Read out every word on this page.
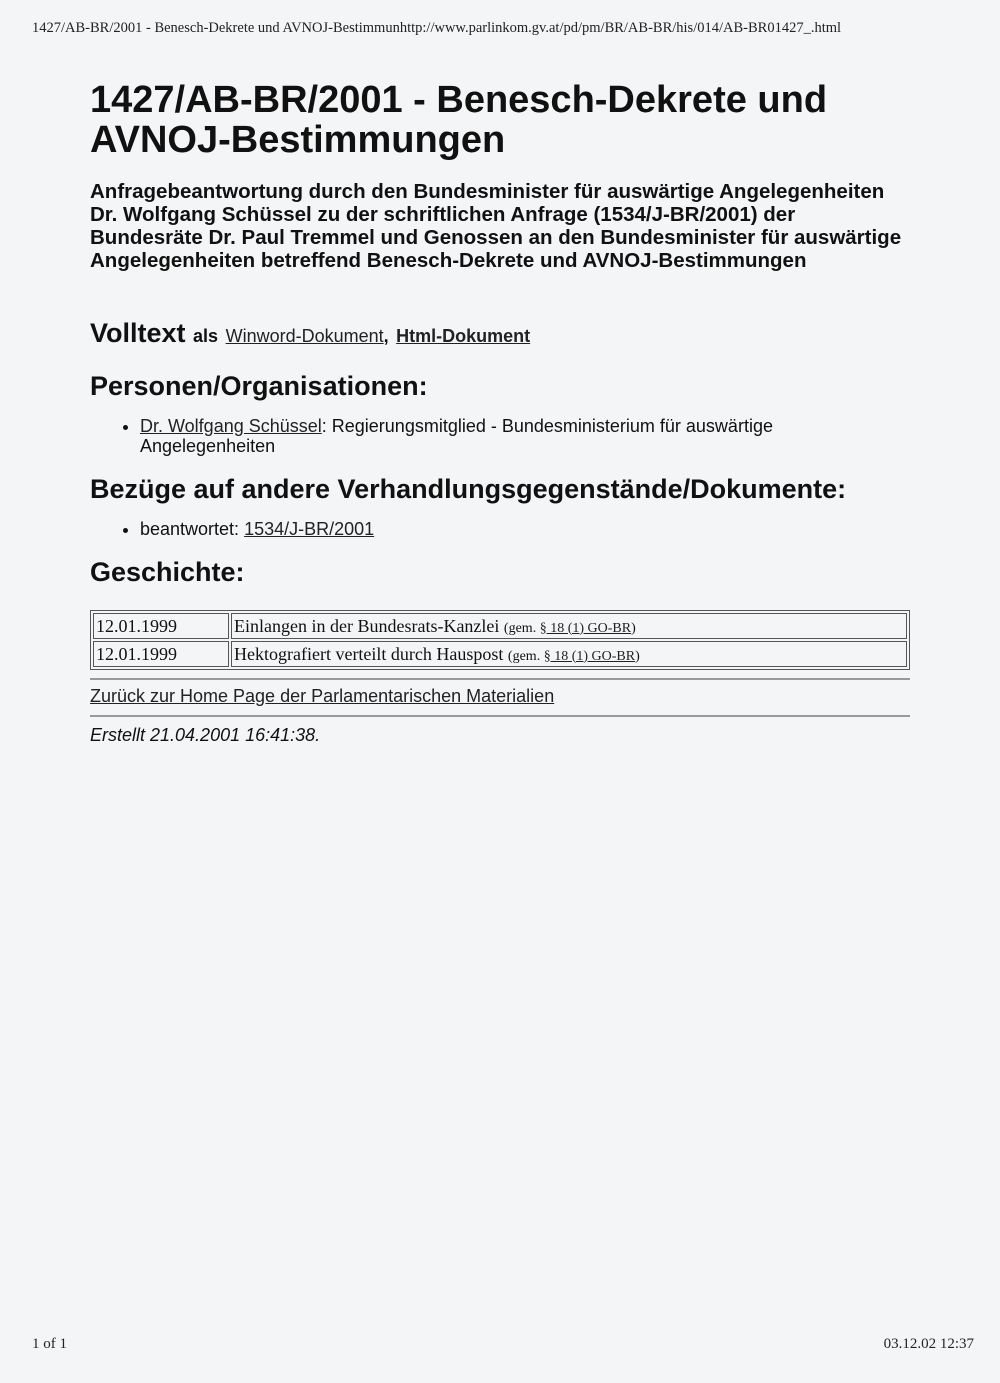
1427/AB-BR/2001 - Benesch-Dekrete und AVNOJ-Bestimmunhttp://www.parlinkom.gv.at/pd/pm/BR/AB-BR/his/014/AB-BR01427_.html
1427/AB-BR/2001 - Benesch-Dekrete und AVNOJ-Bestimmungen

Anfragebeantwortung durch den Bundesminister für auswärtige Angelegenheiten Dr. Wolfgang Schüssel zu der schriftlichen Anfrage (1534/J-BR/2001) der Bundesräte Dr. Paul Tremmel und Genossen an den Bundesminister für auswärtige Angelegenheiten betreffend Benesch-Dekrete und AVNOJ-Bestimmungen

Volltext als Winword-Dokument, Html-Dokument
Personen/Organisationen:
• Dr. Wolfgang Schüssel: Regierungsmitglied - Bundesministerium für auswärtige Angelegenheiten
Bezüge auf andere Verhandlungsgegenstände/Dokumente:
• beantwortet: 1534/J-BR/2001
Geschichte:
12.01.1999	Einlangen in der Bundesrats-Kanzlei (gem. § 18 (1) GO-BR)
12.01.1999	Hektografiert verteilt durch Hauspost (gem. § 18 (1) GO-BR)
Zurück zur Home Page der Parlamentarischen Materialien
Erstellt 21.04.2001 16:41:38.
1 of 1	03.12.02 12:37
